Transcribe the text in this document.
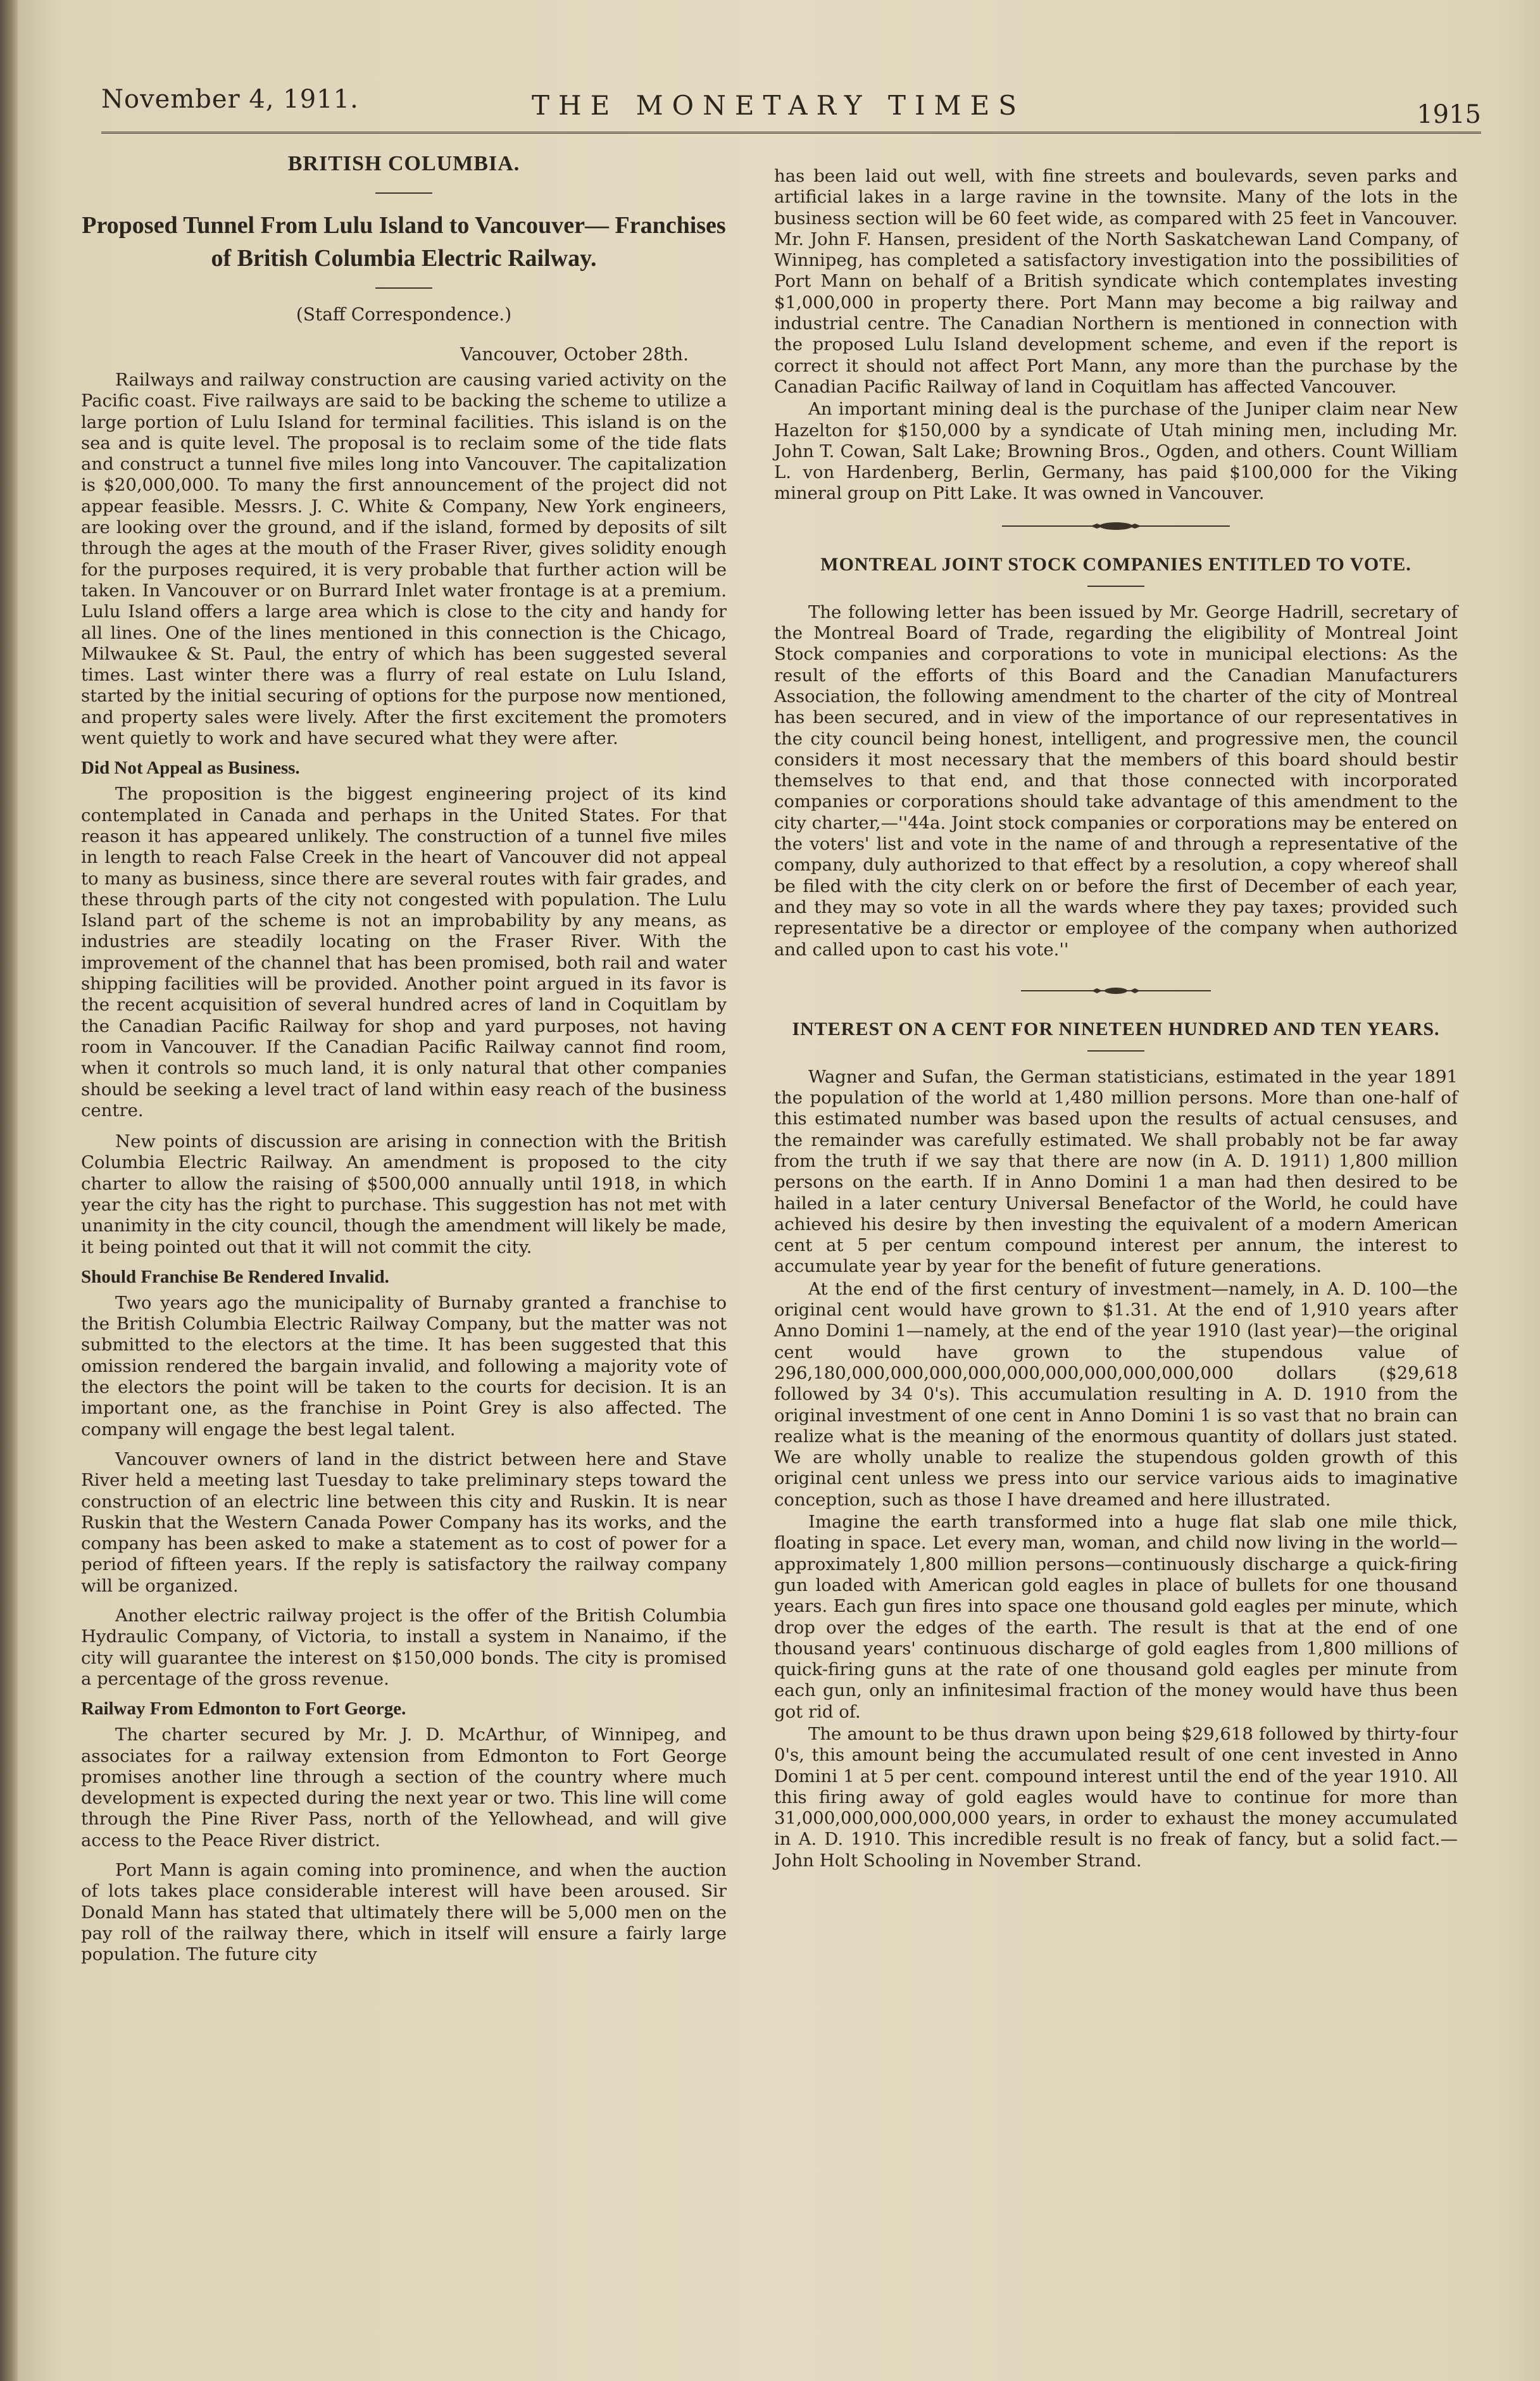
November 4, 1911.	THE MONETARY TIMES	1915
BRITISH COLUMBIA.
Proposed Tunnel From Lulu Island to Vancouver— Franchises of British Columbia Electric Railway.
(Staff Correspondence.)
Vancouver, October 28th.

Railways and railway construction are causing varied activity on the Pacific coast. Five railways are said to be backing the scheme to utilize a large portion of Lulu Island for terminal facilities. This island is on the sea and is quite level. The proposal is to reclaim some of the tide flats and construct a tunnel five miles long into Vancouver. The capitalization is $20,000,000. To many the first announcement of the project did not appear feasible. Messrs. J. C. White & Company, New York engineers, are looking over the ground, and if the island, formed by deposits of silt through the ages at the mouth of the Fraser River, gives solidity enough for the purposes required, it is very probable that further action will be taken. In Vancouver or on Burrard Inlet water frontage is at a premium. Lulu Island offers a large area which is close to the city and handy for all lines. One of the lines mentioned in this connection is the Chicago, Milwaukee & St. Paul, the entry of which has been suggested several times. Last winter there was a flurry of real estate on Lulu Island, started by the initial securing of options for the purpose now mentioned, and property sales were lively. After the first excitement the promoters went quietly to work and have secured what they were after.

Did Not Appeal as Business.

The proposition is the biggest engineering project of its kind contemplated in Canada and perhaps in the United States. For that reason it has appeared unlikely. The construction of a tunnel five miles in length to reach False Creek in the heart of Vancouver did not appeal to many as business, since there are several routes with fair grades, and these through parts of the city not congested with population. The Lulu Island part of the scheme is not an improbability by any means, as industries are steadily locating on the Fraser River. With the improvement of the channel that has been promised, both rail and water shipping facilities will be provided. Another point argued in its favor is the recent acquisition of several hundred acres of land in Coquitlam by the Canadian Pacific Railway for shop and yard purposes, not having room in Vancouver. If the Canadian Pacific Railway cannot find room, when it controls so much land, it is only natural that other companies should be seeking a level tract of land within easy reach of the business centre.

New points of discussion are arising in connection with the British Columbia Electric Railway. An amendment is proposed to the city charter to allow the raising of $500,000 annually until 1918, in which year the city has the right to purchase. This suggestion has not met with unanimity in the city council, though the amendment will likely be made, it being pointed out that it will not commit the city.

Should Franchise Be Rendered Invalid.

Two years ago the municipality of Burnaby granted a franchise to the British Columbia Electric Railway Company, but the matter was not submitted to the electors at the time. It has been suggested that this omission rendered the bargain invalid, and following a majority vote of the electors the point will be taken to the courts for decision. It is an important one, as the franchise in Point Grey is also affected. The company will engage the best legal talent.

Vancouver owners of land in the district between here and Stave River held a meeting last Tuesday to take preliminary steps toward the construction of an electric line between this city and Ruskin. It is near Ruskin that the Western Canada Power Company has its works, and the company has been asked to make a statement as to cost of power for a period of fifteen years. If the reply is satisfactory the railway company will be organized.

Another electric railway project is the offer of the British Columbia Hydraulic Company, of Victoria, to install a system in Nanaimo, if the city will guarantee the interest on $150,000 bonds. The city is promised a percentage of the gross revenue.

Railway From Edmonton to Fort George.

The charter secured by Mr. J. D. McArthur, of Winnipeg, and associates for a railway extension from Edmonton to Fort George promises another line through a section of the country where much development is expected during the next year or two. This line will come through the Pine River Pass, north of the Yellowhead, and will give access to the Peace River district.

Port Mann is again coming into prominence, and when the auction of lots takes place considerable interest will have been aroused. Sir Donald Mann has stated that ultimately there will be 5,000 men on the pay roll of the railway there, which in itself will ensure a fairly large population. The future city

has been laid out well, with fine streets and boulevards, seven parks and artificial lakes in a large ravine in the townsite. Many of the lots in the business section will be 60 feet wide, as compared with 25 feet in Vancouver. Mr. John F. Hansen, president of the North Saskatchewan Land Company, of Winnipeg, has completed a satisfactory investigation into the possibilities of Port Mann on behalf of a British syndicate which contemplates investing $1,000,000 in property there. Port Mann may become a big railway and industrial centre. The Canadian Northern is mentioned in connection with the proposed Lulu Island development scheme, and even if the report is correct it should not affect Port Mann, any more than the purchase by the Canadian Pacific Railway of land in Coquitlam has affected Vancouver.

An important mining deal is the purchase of the Juniper claim near New Hazelton for $150,000 by a syndicate of Utah mining men, including Mr. John T. Cowan, Salt Lake; Browning Bros., Ogden, and others. Count William L. von Hardenberg, Berlin, Germany, has paid $100,000 for the Viking mineral group on Pitt Lake. It was owned in Vancouver.

MONTREAL JOINT STOCK COMPANIES ENTITLED TO VOTE.

The following letter has been issued by Mr. George Hadrill, secretary of the Montreal Board of Trade, regarding the eligibility of Montreal Joint Stock companies and corporations to vote in municipal elections: As the result of the efforts of this Board and the Canadian Manufacturers Association, the following amendment to the charter of the city of Montreal has been secured, and in view of the importance of our representatives in the city council being honest, intelligent, and progressive men, the council considers it most necessary that the members of this board should bestir themselves to that end, and that those connected with incorporated companies or corporations should take advantage of this amendment to the city charter,—''44a. Joint stock companies or corporations may be entered on the voters' list and vote in the name of and through a representative of the company, duly authorized to that effect by a resolution, a copy whereof shall be filed with the city clerk on or before the first of December of each year, and they may so vote in all the wards where they pay taxes; provided such representative be a director or employee of the company when authorized and called upon to cast his vote.''

INTEREST ON A CENT FOR NINETEEN HUNDRED AND TEN YEARS.

Wagner and Sufan, the German statisticians, estimated in the year 1891 the population of the world at 1,480 million persons. More than one-half of this estimated number was based upon the results of actual censuses, and the remainder was carefully estimated. We shall probably not be far away from the truth if we say that there are now (in A. D. 1911) 1,800 million persons on the earth. If in Anno Domini 1 a man had then desired to be hailed in a later century Universal Benefactor of the World, he could have achieved his desire by then investing the equivalent of a modern American cent at 5 per centum compound interest per annum, the interest to accumulate year by year for the benefit of future generations.

At the end of the first century of investment—namely, in A. D. 100—the original cent would have grown to $1.31. At the end of 1,910 years after Anno Domini 1—namely, at the end of the year 1910 (last year)—the original cent would have grown to the stupendous value of 296,180,000,000,000,000,000,000,000,000,000,000 dollars ($29,618 followed by 34 0's). This accumulation resulting in A. D. 1910 from the original investment of one cent in Anno Domini 1 is so vast that no brain can realize what is the meaning of the enormous quantity of dollars just stated. We are wholly unable to realize the stupendous golden growth of this original cent unless we press into our service various aids to imaginative conception, such as those I have dreamed and here illustrated.

Imagine the earth transformed into a huge flat slab one mile thick, floating in space. Let every man, woman, and child now living in the world—approximately 1,800 million persons—continuously discharge a quick-firing gun loaded with American gold eagles in place of bullets for one thousand years. Each gun fires into space one thousand gold eagles per minute, which drop over the edges of the earth. The result is that at the end of one thousand years' continuous discharge of gold eagles from 1,800 millions of quick-firing guns at the rate of one thousand gold eagles per minute from each gun, only an infinitesimal fraction of the money would have thus been got rid of.

The amount to be thus drawn upon being $29,618 followed by thirty-four 0's, this amount being the accumulated result of one cent invested in Anno Domini 1 at 5 per cent. compound interest until the end of the year 1910. All this firing away of gold eagles would have to continue for more than 31,000,000,000,000,000 years, in order to exhaust the money accumulated in A. D. 1910. This incredible result is no freak of fancy, but a solid fact.—John Holt Schooling in November Strand.
